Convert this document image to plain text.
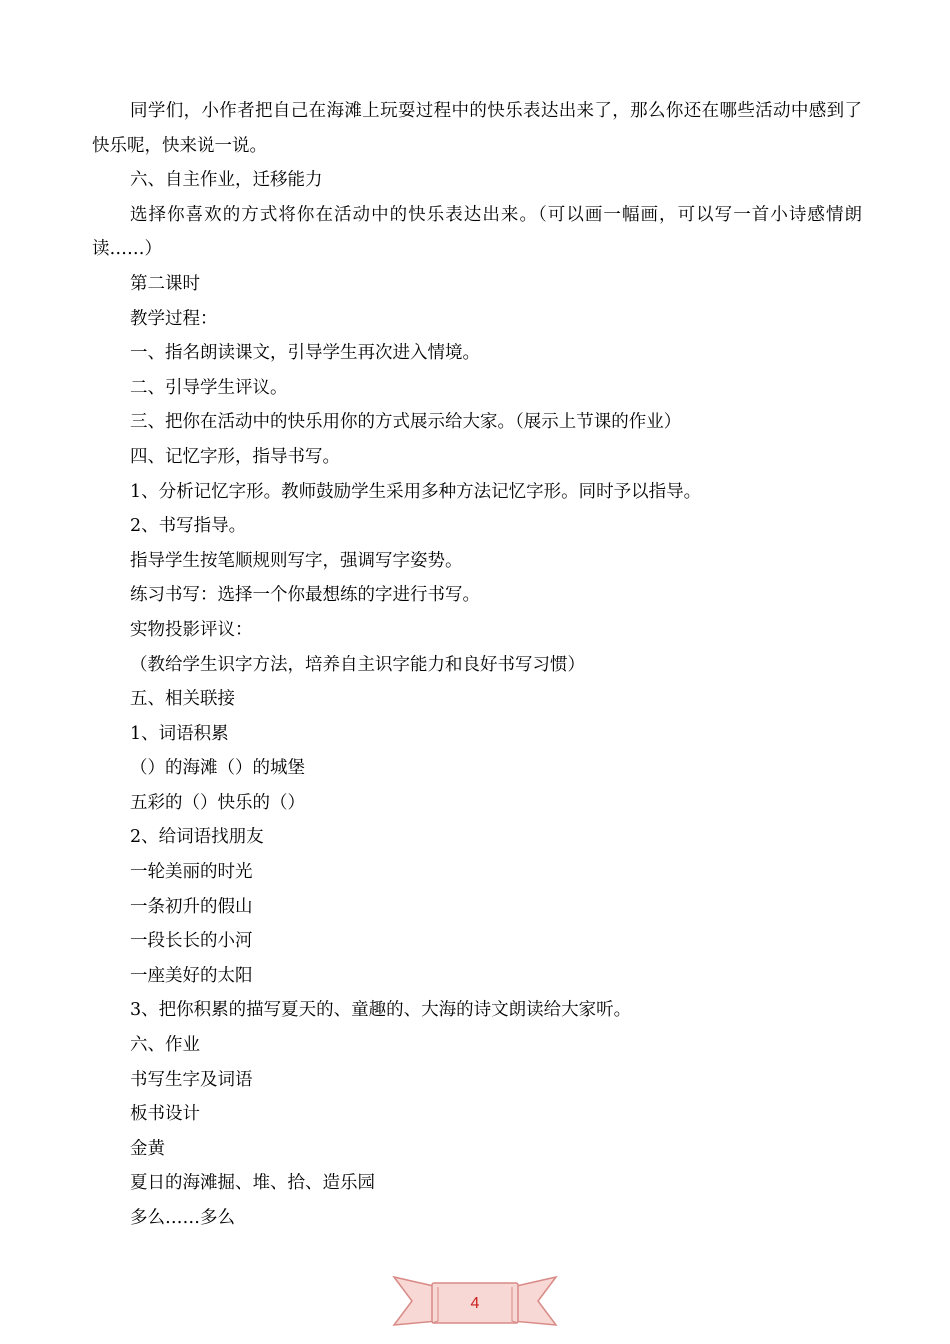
同学们，小作者把自己在海滩上玩耍过程中的快乐表达出来了，那么你还在哪些活动中感到了快乐呢，快来说一说。

六、自主作业，迁移能力

选择你喜欢的方式将你在活动中的快乐表达出来。（可以画一幅画，可以写一首小诗感情朗读……）

第二课时

教学过程：

一、指名朗读课文，引导学生再次进入情境。

二、引导学生评议。

三、把你在活动中的快乐用你的方式展示给大家。（展示上节课的作业）

四、记忆字形，指导书写。

1、分析记忆字形。教师鼓励学生采用多种方法记忆字形。同时予以指导。

2、书写指导。

指导学生按笔顺规则写字，强调写字姿势。

练习书写：选择一个你最想练的字进行书写。

实物投影评议：

（教给学生识字方法，培养自主识字能力和良好书写习惯）

五、相关联接

1、词语积累

（）的海滩（）的城堡

五彩的（）快乐的（）

2、给词语找朋友

一轮美丽的时光

一条初升的假山

一段长长的小河

一座美好的太阳

3、把你积累的描写夏天的、童趣的、大海的诗文朗读给大家听。

六、作业

书写生字及词语

板书设计

金黄

夏日的海滩掘、堆、拾、造乐园

多么……多么

4
